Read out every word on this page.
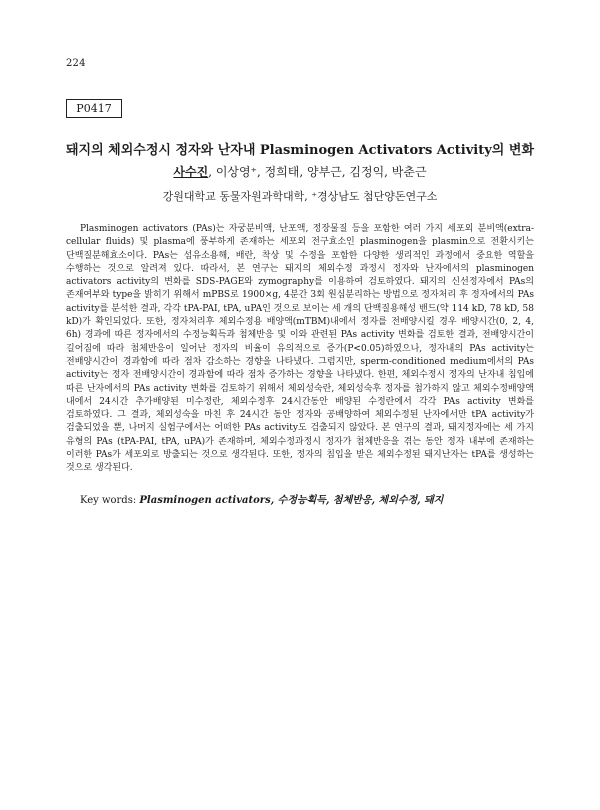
224
P0417
돼지의 체외수정시 정자와 난자내 Plasminogen Activators Activity의 변화
사수진, 이상영⁺, 정희태, 양부근, 김정익, 박춘근
강원대학교 동물자원과학대학, ⁺경상남도 첨단양돈연구소

Plasminogen activators (PAs)는 자궁분비액, 난포액, 정장물질 등을 포함한 여러 가지 세포외 분비액(extra-cellular fluids) 및 plasma에 풍부하게 존재하는 세포외 전구효소인 plasminogen을 plasmin으로 전환시키는 단백질분해효소이다. PAs는 섬유소용해, 배란, 착상 및 수정을 포함한 다양한 생리적인 과정에서 중요한 역할을 수행하는 것으로 알려져 있다. 따라서, 본 연구는 돼지의 체외수정 과정시 정자와 난자에서의 plasminogen activators activity의 변화를 SDS-PAGE와 zymography를 이용하여 검토하였다. 돼지의 신선정자에서 PAs의 존재여부와 type을 밝히기 위해서 mPBS로 1900×g, 4분간 3회 원심분리하는 방법으로 정자처리 후 정자에서의 PAs activity를 분석한 결과, 각각 tPA-PAI, tPA, uPA인 것으로 보이는 세 개의 단백질용해성 밴드(약 114 kD, 78 kD, 58 kD)가 확인되었다. 또한, 정자처리후 체외수정용 배양액(mTBM)내에서 정자를 전배양시킬 경우 배양시간(0, 2, 4, 6h) 경과에 따른 정자에서의 수정능획득과 첨체반응 및 이와 관련된 PAs activity 변화를 검토한 결과, 전배양시간이 길어짐에 따라 첨체반응이 일어난 정자의 비율이 유의적으로 증가(P<0.05)하였으나, 정자내의 PAs activity는 전배양시간이 경과함에 따라 점차 감소하는 경향을 나타냈다. 그럼지만, sperm-conditioned medium에서의 PAs activity는 정자 전배양시간이 경과함에 따라 점차 증가하는 경향을 나타냈다. 한편, 체외수정시 정자의 난자내 침입에 따른 난자에서의 PAs activity 변화를 검토하기 위해서 체외성숙란, 체외성숙후 정자를 첨가하지 않고 체외수정배양액 내에서 24시간 추가배양된 미수정란, 체외수정후 24시간동안 배양된 수정란에서 각각 PAs activity 변화를 검토하였다. 그 결과, 체외성숙을 마친 후 24시간 동안 정자와 공배양하여 체외수정된 난자에서만 tPA activity가 검출되었을 뿐, 나머지 실험구에서는 어떠한 PAs activity도 검출되지 않았다. 본 연구의 결과, 돼지정자에는 세 가지 유형의 PAs (tPA-PAI, tPA, uPA)가 존재하며, 체외수정과정시 정자가 첨체반응을 겪는 동안 정자 내부에 존재하는 이러한 PAs가 세포외로 방출되는 것으로 생각된다. 또한, 정자의 침입을 받은 체외수정된 돼지난자는 tPA를 생성하는 것으로 생각된다.

Key words: Plasminogen activators, 수정능획득, 첨체반응, 체외수정, 돼지
